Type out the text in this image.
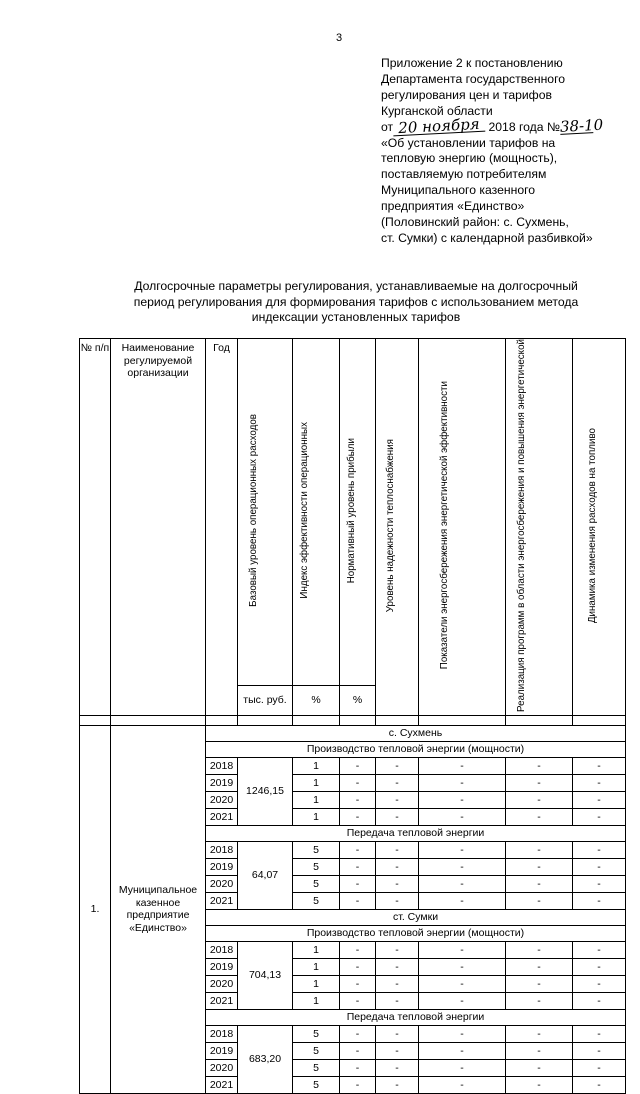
3
Приложение 2 к постановлению
Департамента государственного
регулирования цен и тарифов
Курганской области
от 20 ноября 2018 года №38-10
«Об установлении тарифов на
тепловую энергию (мощность),
поставляемую потребителям
Муниципального казенного
предприятия «Единство»
(Половинский район: с. Сухмень,
ст. Сумки) с календарной разбивкой»
Долгосрочные параметры регулирования, устанавливаемые на долгосрочный
период регулирования для формирования тарифов с использованием метода
индексации установленных тарифов
№ п/п	Наименование регулируемой организации	Год	Базовый уровень операционных расходов	Индекс эффективности операционных	Нормативный уровень прибыли	Уровень надежности теплоснабжения	Показатели энергосбережения энергетической эффективности	Реализация программ в области энергосбережения и повышения энергетической	Динамика изменения расходов на топливо
			тыс. руб.	%	%				

1.	Муниципальное казенное предприятие «Единство»	с. Сухмень							
		Производство тепловой энергии (мощности)							
		2018	1246,15	1	-	-	-	-	-
		2019		1	-	-	-	-	-
		2020		1	-	-	-	-	-
		2021		1	-	-	-	-	-
		Передача тепловой энергии							
		2018	64,07	5	-	-	-	-	-
		2019		5	-	-	-	-	-
		2020		5	-	-	-	-	-
		2021		5	-	-	-	-	-
		ст. Сумки							
		Производство тепловой энергии (мощности)							
		2018	704,13	1	-	-	-	-	-
		2019		1	-	-	-	-	-
		2020		1	-	-	-	-	-
		2021		1	-	-	-	-	-
		Передача тепловой энергии							
		2018	683,20	5	-	-	-	-	-
		2019		5	-	-	-	-	-
		2020		5	-	-	-	-	-
		2021		5	-	-	-	-	-
